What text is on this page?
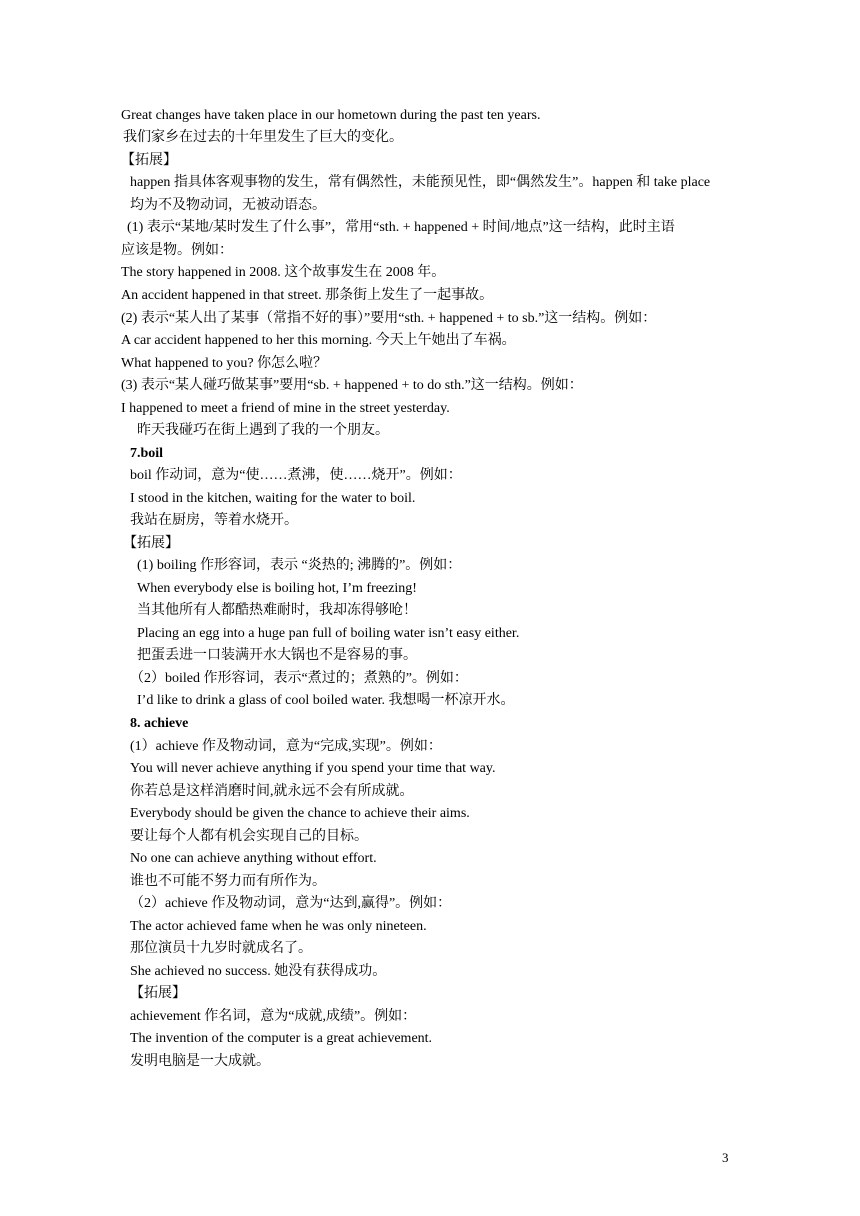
Great changes have taken place in our hometown during the past ten years.
我们家乡在过去的十年里发生了巨大的变化。
【拓展】
happen 指具体客观事物的发生，常有偶然性，未能预见性，即“偶然发生”。happen 和 take place
均为不及物动词，无被动语态。
(1) 表示“某地/某时发生了什么事”，常用“sth. + happened + 时间/地点”这一结构，此时主语
应该是物。例如：
The story happened in 2008. 这个故事发生在 2008 年。
An accident happened in that street. 那条街上发生了一起事故。
(2) 表示“某人出了某事（常指不好的事）”要用“sth. + happened + to sb.”这一结构。例如：
A car accident happened to her this morning. 今天上午她出了车祸。
What happened to you? 你怎么啦？
(3) 表示“某人碰巧做某事”要用“sb. + happened + to do sth.”这一结构。例如：
I happened to meet a friend of mine in the street yesterday.
昨天我碰巧在街上遇到了我的一个朋友。
7.boil
boil 作动词，意为“使……煮沸，使……烧开”。例如：
I stood in the kitchen, waiting for the water to boil.
我站在厨房，等着水烧开。
【拓展】
(1) boiling 作形容词，表示 “炎热的; 沸腾的”。例如：
When everybody else is boiling hot, I’m freezing!
当其他所有人都酷热难耐时，我却冻得够呛！
Placing an egg into a huge pan full of boiling water isn’t easy either.
把蛋丢进一口装满开水大锅也不是容易的事。
（2）boiled 作形容词，表示“煮过的；煮熟的”。例如：
I’d like to drink a glass of cool boiled water. 我想喝一杯凉开水。
8. achieve
(1）achieve 作及物动词，意为“完成,实现”。例如：
You will never achieve anything if you spend your time that way.
你若总是这样消磨时间,就永远不会有所成就。
Everybody should be given the chance to achieve their aims.
要让每个人都有机会实现自己的目标。
No one can achieve anything without effort.
谁也不可能不努力而有所作为。
（2）achieve 作及物动词，意为“达到,赢得”。例如：
The actor achieved fame when he was only nineteen.
那位演员十九岁时就成名了。
She achieved no success. 她没有获得成功。
【拓展】
achievement 作名词，意为“成就,成绩”。例如：
The invention of the computer is a great achievement.
发明电脑是一大成就。
3
